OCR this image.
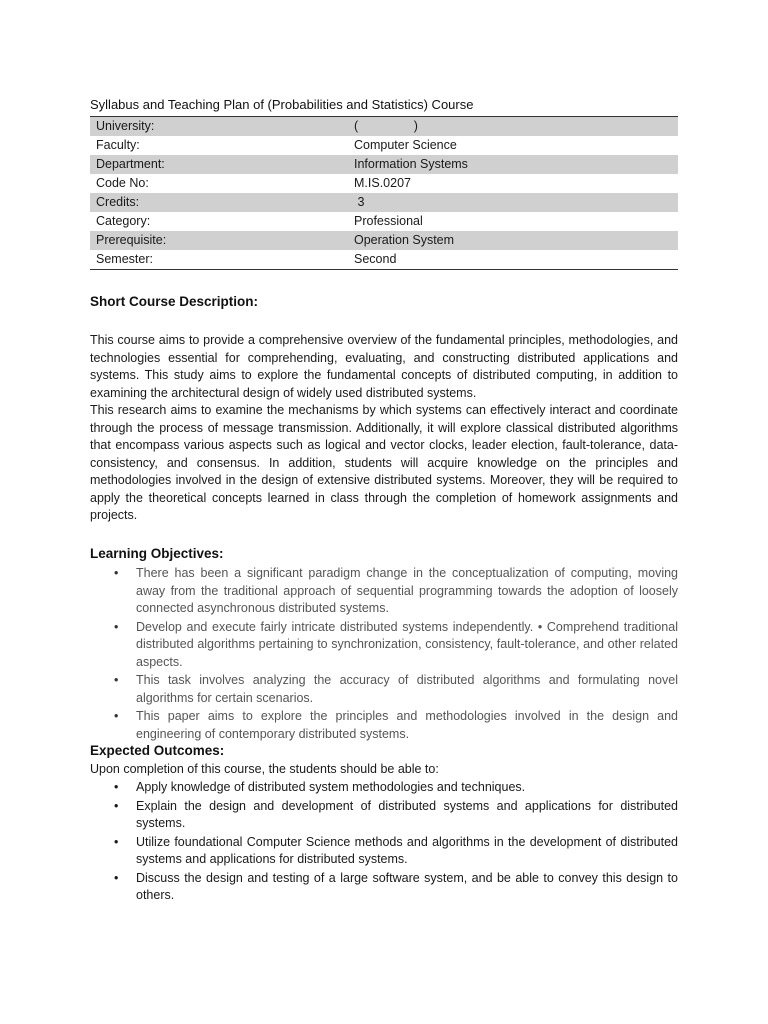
Syllabus and Teaching Plan of (Probabilities and Statistics) Course
University:	(                )
Faculty:	Computer Science
Department:	Information Systems
Code No:	M.IS.0207
Credits:	3
Category:	Professional
Prerequisite:	Operation System
Semester:	Second
Short Course Description:

This course aims to provide a comprehensive overview of the fundamental principles, methodologies, and technologies essential for comprehending, evaluating, and constructing distributed applications and systems. This study aims to explore the fundamental concepts of distributed computing, in addition to examining the architectural design of widely used distributed systems.

This research aims to examine the mechanisms by which systems can effectively interact and coordinate through the process of message transmission. Additionally, it will explore classical distributed algorithms that encompass various aspects such as logical and vector clocks, leader election, fault-tolerance, data-consistency, and consensus. In addition, students will acquire knowledge on the principles and methodologies involved in the design of extensive distributed systems. Moreover, they will be required to apply the theoretical concepts learned in class through the completion of homework assignments and projects.

Learning Objectives:
• There has been a significant paradigm change in the conceptualization of computing, moving away from the traditional approach of sequential programming towards the adoption of loosely connected asynchronous distributed systems.
• Develop and execute fairly intricate distributed systems independently. • Comprehend traditional distributed algorithms pertaining to synchronization, consistency, fault-tolerance, and other related aspects.
• This task involves analyzing the accuracy of distributed algorithms and formulating novel algorithms for certain scenarios.
• This paper aims to explore the principles and methodologies involved in the design and engineering of contemporary distributed systems.
Expected Outcomes:
Upon completion of this course, the students should be able to:
• Apply knowledge of distributed system methodologies and techniques.
• Explain the design and development of distributed systems and applications for distributed systems.
• Utilize foundational Computer Science methods and algorithms in the development of distributed systems and applications for distributed systems.
• Discuss the design and testing of a large software system, and be able to convey this design to others.
